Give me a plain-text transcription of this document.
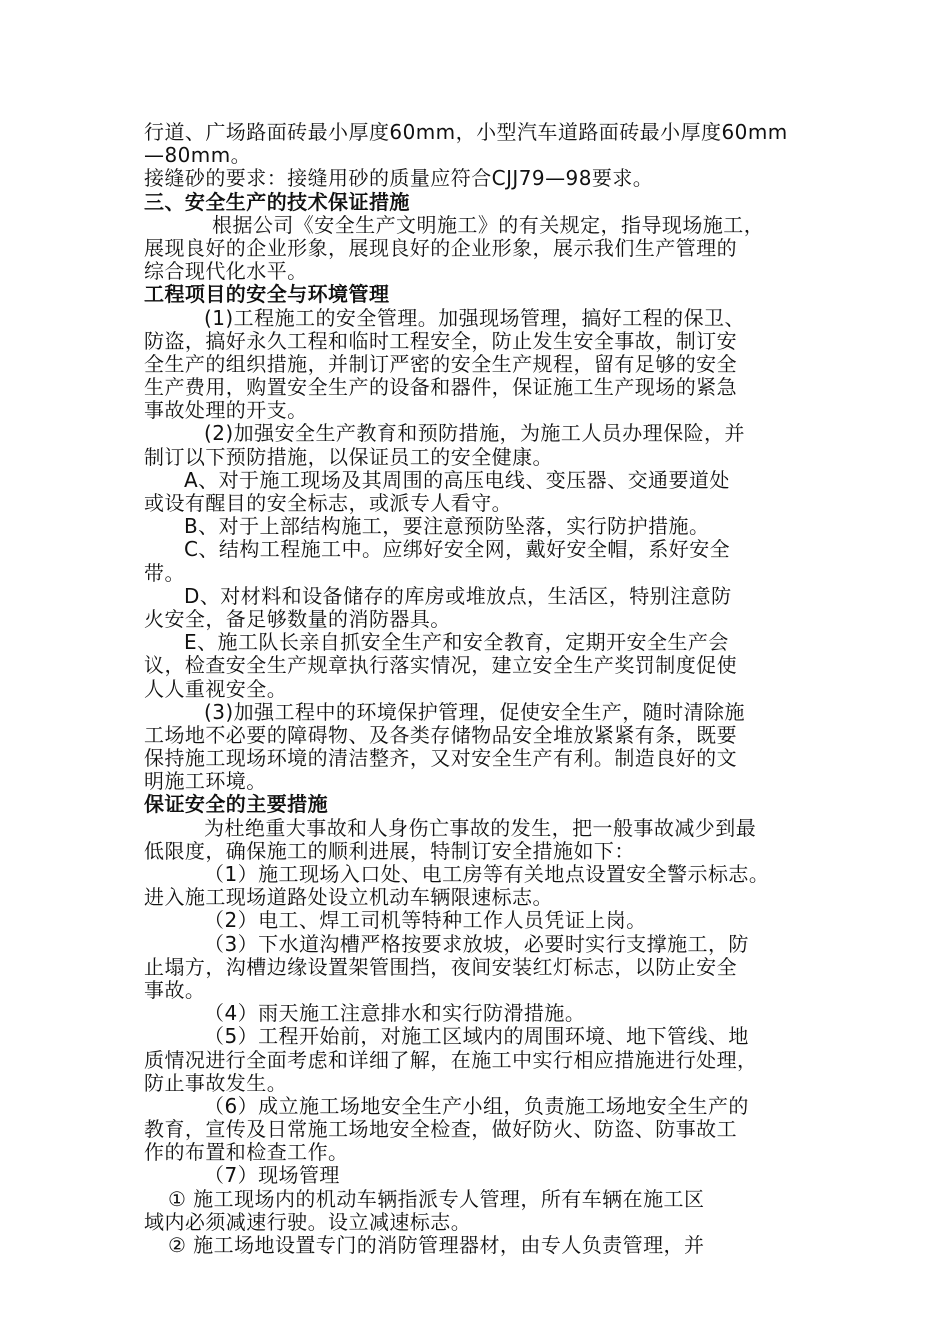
行道、广场路面砖最小厚度60mm，小型汽车道路面砖最小厚度60mm
—80mm。
接缝砂的要求：接缝用砂的质量应符合CJJ79—98要求。
三、安全生产的技术保证措施
根据公司《安全生产文明施工》的有关规定，指导现场施工，
展现良好的企业形象，展现良好的企业形象，展示我们生产管理的
综合现代化水平。
工程项目的安全与环境管理
(1)工程施工的安全管理。加强现场管理，搞好工程的保卫、
防盗，搞好永久工程和临时工程安全，防止发生安全事故，制订安
全生产的组织措施，并制订严密的安全生产规程，留有足够的安全
生产费用，购置安全生产的设备和器件，保证施工生产现场的紧急
事故处理的开支。
(2)加强安全生产教育和预防措施，为施工人员办理保险，并
制订以下预防措施，以保证员工的安全健康。
A、对于施工现场及其周围的高压电线、变压器、交通要道处
或设有醒目的安全标志，或派专人看守。
B、对于上部结构施工，要注意预防坠落，实行防护措施。
C、结构工程施工中。应绑好安全网，戴好安全帽，系好安全
带。
D、对材料和设备储存的库房或堆放点，生活区，特别注意防
火安全，备足够数量的消防器具。
E、施工队长亲自抓安全生产和安全教育，定期开安全生产会
议，检查安全生产规章执行落实情况，建立安全生产奖罚制度促使
人人重视安全。
(3)加强工程中的环境保护管理，促使安全生产，随时清除施
工场地不必要的障碍物、及各类存储物品安全堆放紧紧有条，既要
保持施工现场环境的清洁整齐，又对安全生产有利。制造良好的文
明施工环境。
保证安全的主要措施
为杜绝重大事故和人身伤亡事故的发生，把一般事故减少到最
低限度，确保施工的顺利进展，特制订安全措施如下：
（1）施工现场入口处、电工房等有关地点设置安全警示标志。
进入施工现场道路处设立机动车辆限速标志。
（2）电工、焊工司机等特种工作人员凭证上岗。
（3）下水道沟槽严格按要求放坡，必要时实行支撑施工，防
止塌方，沟槽边缘设置架管围挡，夜间安装红灯标志，以防止安全
事故。
（4）雨天施工注意排水和实行防滑措施。
（5）工程开始前，对施工区域内的周围环境、地下管线、地
质情况进行全面考虑和详细了解，在施工中实行相应措施进行处理，
防止事故发生。
（6）成立施工场地安全生产小组，负责施工场地安全生产的
教育，宣传及日常施工场地安全检查，做好防火、防盗、防事故工
作的布置和检查工作。
（7）现场管理
① 施工现场内的机动车辆指派专人管理，所有车辆在施工区
域内必须减速行驶。设立减速标志。
② 施工场地设置专门的消防管理器材，由专人负责管理，并
